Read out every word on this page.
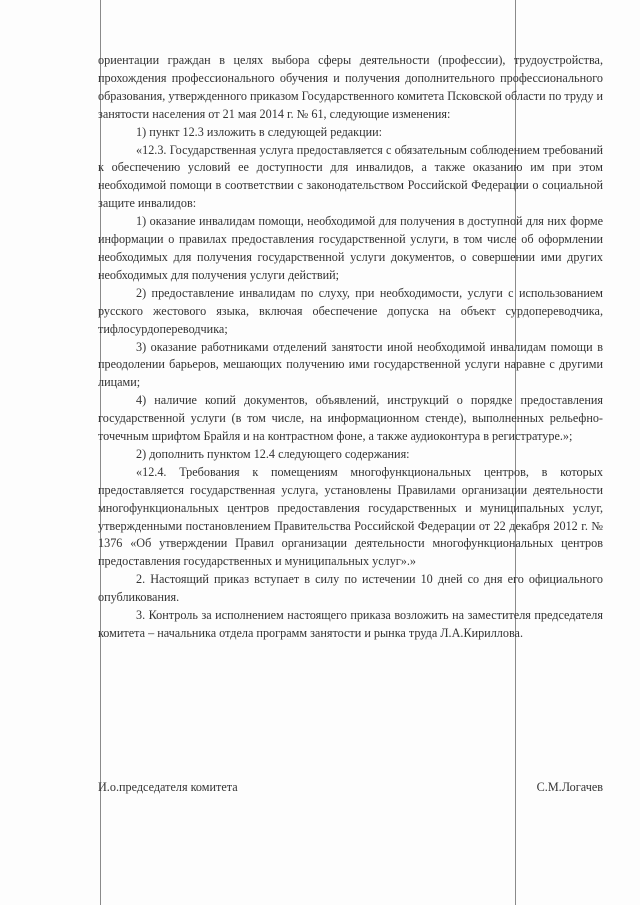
ориентации граждан в целях выбора сферы деятельности (профессии), трудоустройства, прохождения профессионального обучения и получения дополнительного профессионального образования, утвержденного приказом Государственного комитета Псковской области по труду и занятости населения от 21 мая 2014 г. № 61, следующие изменения:

1) пункт 12.3 изложить в следующей редакции:

«12.3. Государственная услуга предоставляется с обязательным соблюдением требований к обеспечению условий ее доступности для инвалидов, а также оказанию им при этом необходимой помощи в соответствии с законодательством Российской Федерации о социальной защите инвалидов:

1) оказание инвалидам помощи, необходимой для получения в доступной для них форме информации о правилах предоставления государственной услуги, в том числе об оформлении необходимых для получения государственной услуги документов, о совершении ими других необходимых для получения услуги действий;

2) предоставление инвалидам по слуху, при необходимости, услуги с использованием русского жестового языка, включая обеспечение допуска на объект сурдопереводчика, тифлосурдопереводчика;

3) оказание работниками отделений занятости иной необходимой инвалидам помощи в преодолении барьеров, мешающих получению ими государственной услуги наравне с другими лицами;

4) наличие копий документов, объявлений, инструкций о порядке предоставления государственной услуги (в том числе, на информационном стенде), выполненных рельефно-точечным шрифтом Брайля и на контрастном фоне, а также аудиоконтура в регистратуре.»;

2) дополнить пунктом 12.4 следующего содержания:

«12.4. Требования к помещениям многофункциональных центров, в которых предоставляется государственная услуга, установлены Правилами организации деятельности многофункциональных центров предоставления государственных и муниципальных услуг, утвержденными постановлением Правительства Российской Федерации от 22 декабря 2012 г. № 1376 «Об утверждении Правил организации деятельности многофункциональных центров предоставления государственных и муниципальных услуг».»

2. Настоящий приказ вступает в силу по истечении 10 дней со дня его официального опубликования.

3. Контроль за исполнением настоящего приказа возложить на заместителя председателя комитета – начальника отдела программ занятости и рынка труда Л.А.Кириллова.

И.о.председателя комитета	С.М.Логачев
